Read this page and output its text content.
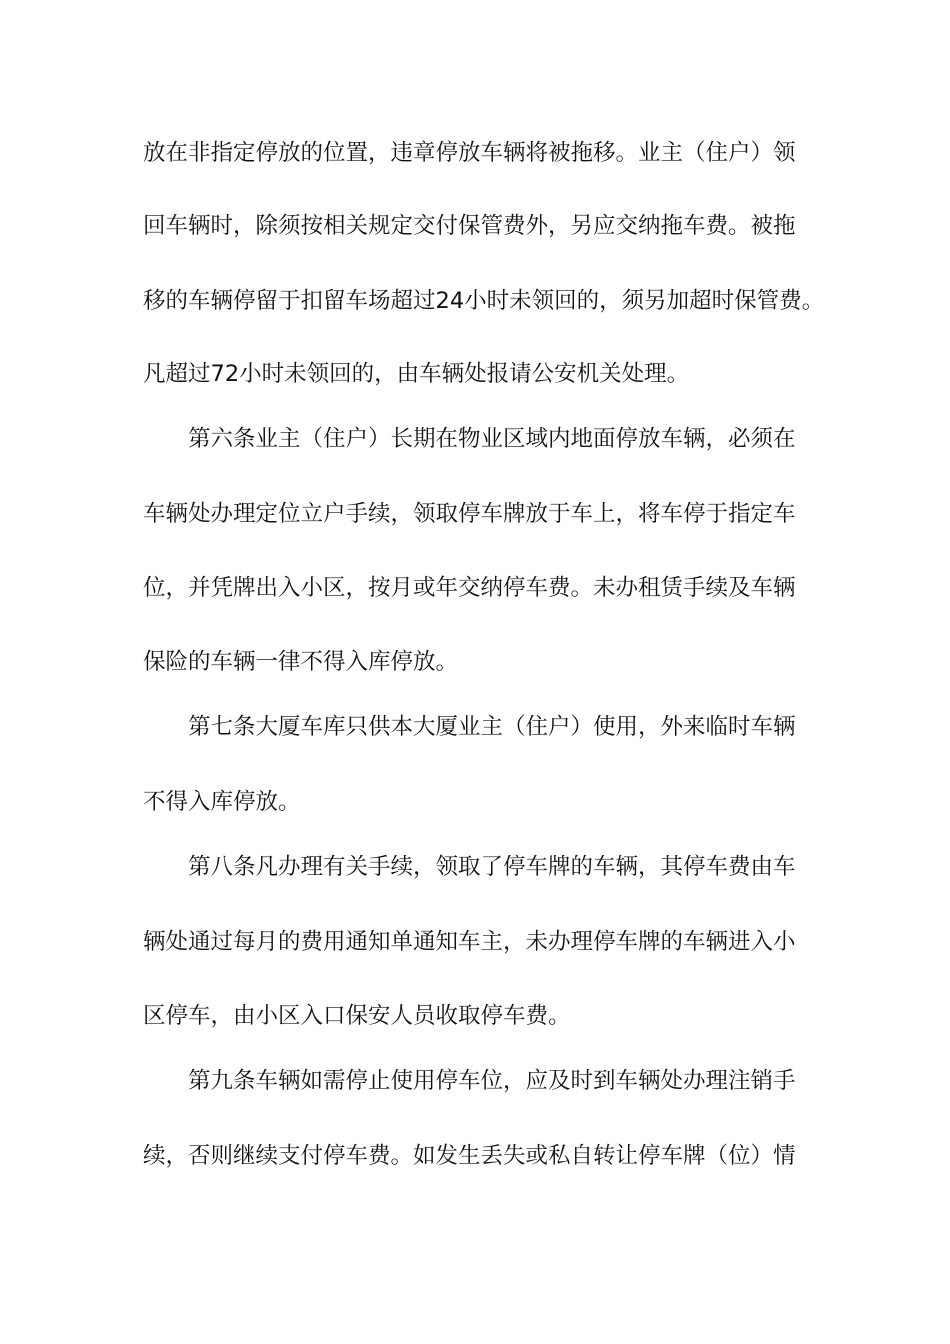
放在非指定停放的位置，违章停放车辆将被拖移。业主（住户）领
回车辆时，除须按相关规定交付保管费外，另应交纳拖车费。被拖
移的车辆停留于扣留车场超过24小时未领回的，须另加超时保管费。
凡超过72小时未领回的，由车辆处报请公安机关处理。
第六条业主（住户）长期在物业区域内地面停放车辆，必须在
车辆处办理定位立户手续，领取停车牌放于车上，将车停于指定车
位，并凭牌出入小区，按月或年交纳停车费。未办租赁手续及车辆
保险的车辆一律不得入库停放。
第七条大厦车库只供本大厦业主（住户）使用，外来临时车辆
不得入库停放。
第八条凡办理有关手续，领取了停车牌的车辆，其停车费由车
辆处通过每月的费用通知单通知车主，未办理停车牌的车辆进入小
区停车，由小区入口保安人员收取停车费。
第九条车辆如需停止使用停车位，应及时到车辆处办理注销手
续，否则继续支付停车费。如发生丢失或私自转让停车牌（位）情
